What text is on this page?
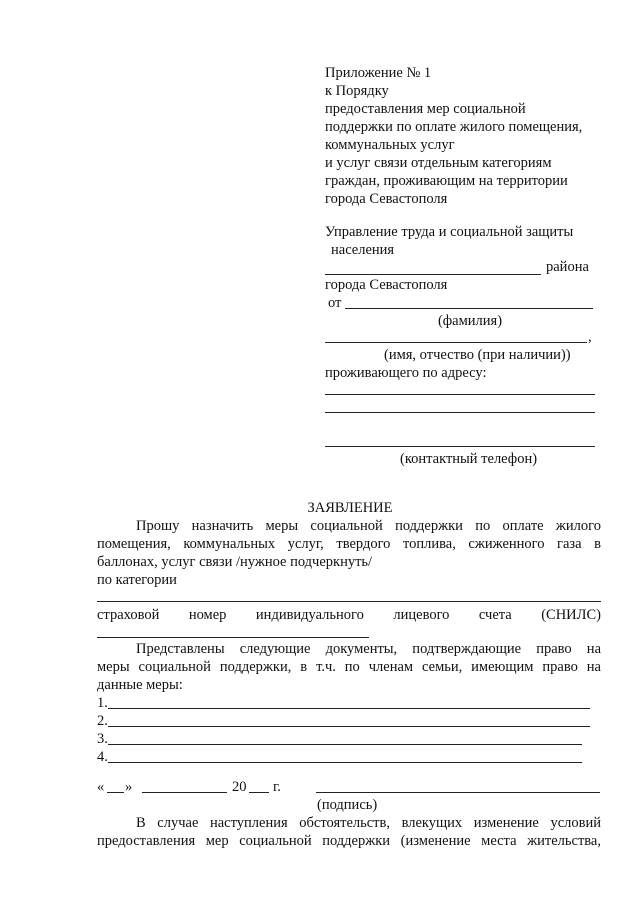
Приложение № 1
к Порядку
предоставления мер социальной
поддержки по оплате жилого помещения,
коммунальных услуг
и услуг связи отдельным категориям
граждан, проживающим на территории
города Севастополя
Управление труда и социальной защиты
населения
района
города Севастополя
от
(фамилия)
,
(имя, отчество (при наличии))
проживающего по адресу:
(контактный телефон)
ЗАЯВЛЕНИЕ
Прошу назначить меры социальной поддержки по оплате жилого
помещения, коммунальных услуг, твердого топлива, сжиженного газа в
баллонах, услуг связи /нужное подчеркнуть/
по категории
страховой номер индивидуального лицевого счета (СНИЛС)
Представлены следующие документы, подтверждающие право на
меры социальной поддержки, в т.ч. по членам семьи, имеющим право на
данные меры:
1.
2.
3.
4.
« »	20 г.
(подпись)
В случае наступления обстоятельств, влекущих изменение условий
предоставления мер социальной поддержки (изменение места жительства,
